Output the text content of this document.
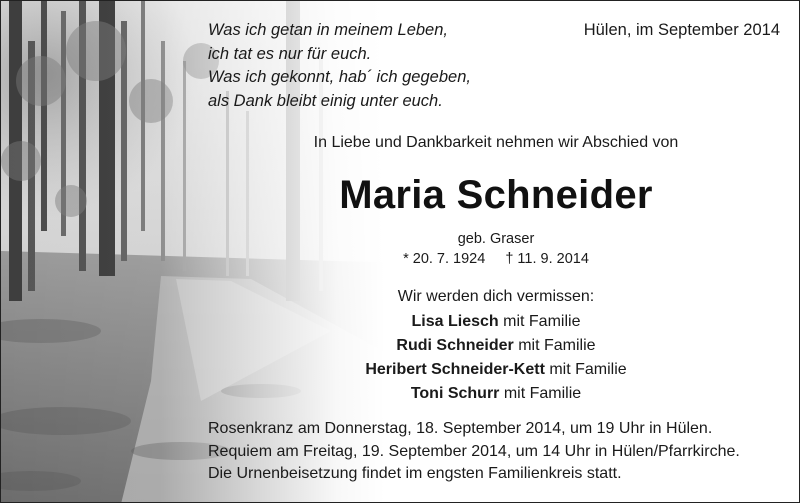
Was ich getan in meinem Leben,
ich tat es nur für euch.
Was ich gekonnt, hab´ ich gegeben,
als Dank bleibt einig unter euch.
Hülen, im September 2014
In Liebe und Dankbarkeit nehmen wir Abschied von
Maria Schneider
geb. Graser
* 20. 7. 1924 † 11. 9. 2014
Wir werden dich vermissen:
Lisa Liesch mit Familie
Rudi Schneider mit Familie
Heribert Schneider-Kett mit Familie
Toni Schurr mit Familie
Rosenkranz am Donnerstag, 18. September 2014, um 19 Uhr in Hülen.
Requiem am Freitag, 19. September 2014, um 14 Uhr in Hülen/Pfarrkirche.
Die Urnenbeisetzung findet im engsten Familienkreis statt.
